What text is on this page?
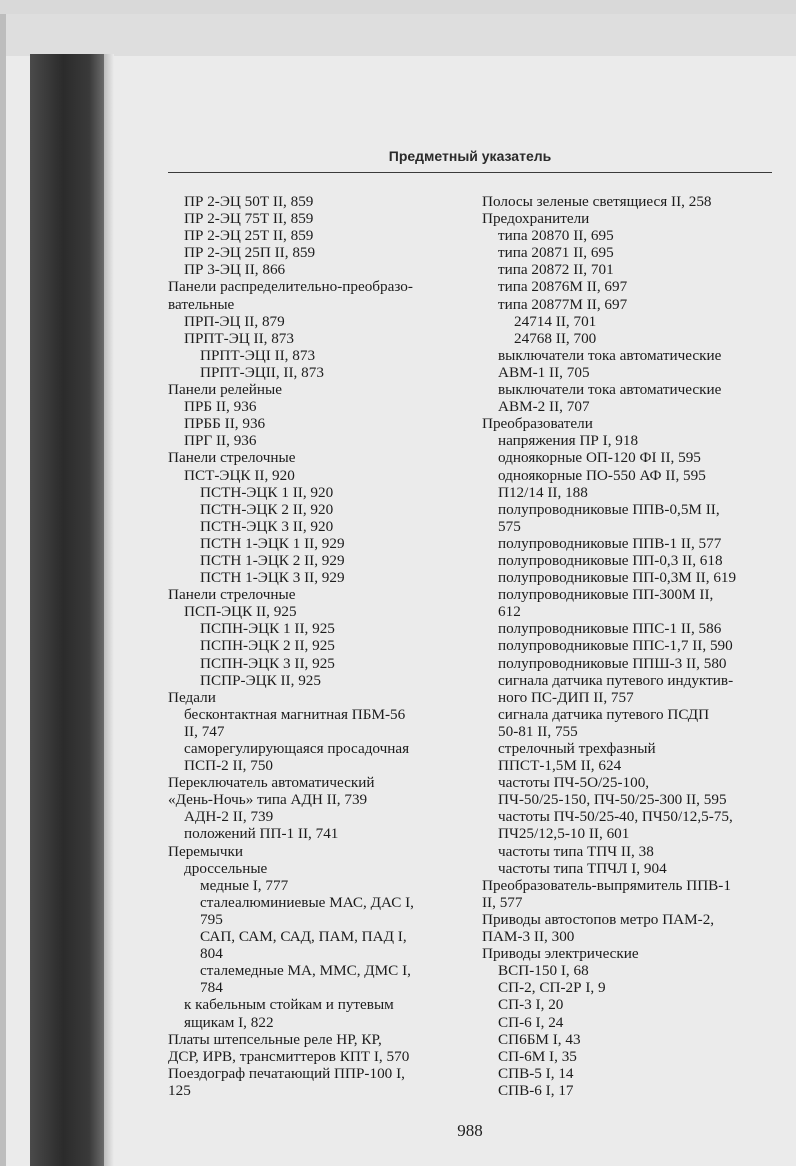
Предметный указатель
ПР 2-ЭЦ 50Т II, 859
ПР 2-ЭЦ 75Т II, 859
ПР 2-ЭЦ 25Т II, 859
ПР 2-ЭЦ 25П II, 859
ПР 3-ЭЦ II, 866
Панели распределительно-преобразо-
вательные
ПРП-ЭЦ II, 879
ПРПТ-ЭЦ II, 873
ПРПТ-ЭЦІ II, 873
ПРПТ-ЭЦІІ, II, 873
Панели релейные
ПРБ II, 936
ПРББ II, 936
ПРГ II, 936
Панели стрелочные
ПСТ-ЭЦК II, 920
ПСТН-ЭЦК 1 II, 920
ПСТН-ЭЦК 2 II, 920
ПСТН-ЭЦК 3 II, 920
ПСТН 1-ЭЦК 1 II, 929
ПСТН 1-ЭЦК 2 II, 929
ПСТН 1-ЭЦК 3 II, 929
Панели стрелочные
ПСП-ЭЦК II, 925
ПСПН-ЭЦК 1 II, 925
ПСПН-ЭЦК 2 II, 925
ПСПН-ЭЦК 3 II, 925
ПСПР-ЭЦК II, 925
Педали
бесконтактная магнитная ПБМ-56
II, 747
саморегулирующаяся просадочная
ПСП-2 II, 750
Переключатель автоматический
«День-Ночь» типа АДН II, 739
АДН-2 II, 739
положений ПП-1 II, 741
Перемычки
дроссельные
медные I, 777
сталеалюминиевые МАС, ДАС I,
795
САП, САМ, САД, ПАМ, ПАД I,
804
сталемедные МА, ММС, ДМС I,
784
к кабельным стойкам и путевым
ящикам I, 822
Платы штепсельные реле НР, КР,
ДСР, ИРВ, трансмиттеров КПТ I, 570
Поездограф печатающий ППР-100 I,
125
Полосы зеленые светящиеся II, 258
Предохранители
типа 20870 II, 695
типа 20871 II, 695
типа 20872 II, 701
типа 20876М II, 697
типа 20877М II, 697
24714 II, 701
24768 II, 700
выключатели тока автоматические
АВМ-1 II, 705
выключатели тока автоматические
АВМ-2 II, 707
Преобразователи
напряжения ПР I, 918
одноякорные ОП-120 ФІ II, 595
одноякорные ПО-550 АФ II, 595
П12/14 II, 188
полупроводниковые ППВ-0,5М II,
575
полупроводниковые ППВ-1 II, 577
полупроводниковые ПП-0,3 II, 618
полупроводниковые ПП-0,3М II, 619
полупроводниковые ПП-300М II,
612
полупроводниковые ППС-1 II, 586
полупроводниковые ППС-1,7 II, 590
полупроводниковые ППШ-3 II, 580
сигнала датчика путевого индуктив-
ного ПС-ДИП II, 757
сигнала датчика путевого ПСДП
50-81 II, 755
стрелочный трехфазный
ППСТ-1,5М II, 624
частоты ПЧ-5О/25-100,
ПЧ-50/25-150, ПЧ-50/25-300 II, 595
частоты ПЧ-50/25-40, ПЧ50/12,5-75,
ПЧ25/12,5-10 II, 601
частоты типа ТПЧ II, 38
частоты типа ТПЧЛ I, 904
Преобразователь-выпрямитель ППВ-1
II, 577
Приводы автостопов метро ПАМ-2,
ПАМ-3 II, 300
Приводы электрические
ВСП-150 I, 68
СП-2, СП-2Р I, 9
СП-3 I, 20
СП-6 I, 24
СП6БМ I, 43
СП-6М I, 35
СПВ-5 I, 14
СПВ-6 I, 17
988
